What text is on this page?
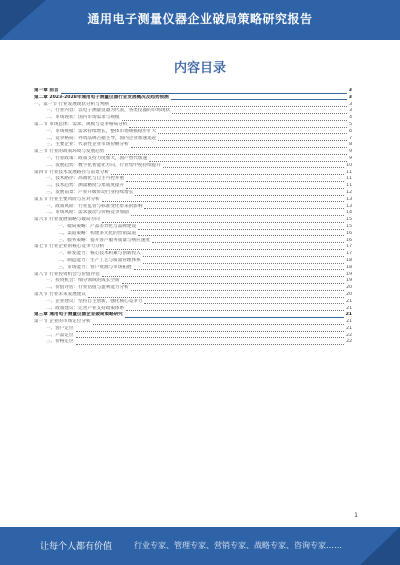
通用电子测量仪器企业破局策略研究报告
内容目录
第一章 前言	3
第二章 2023-2028年通用电子测量仪器行业发展概况及趋势预测	3
一、第一节 行业发展现状分析与判断	3
一、行业内容：以电子测量仪器为代表，各类仪器的市场现状	3
二、市场现状：国内市场需求与规模	4
第二节 市场总体：需求、规模与竞争格局分析	5
一、市场规模：需求持续增长，整体市场规模稳步扩大	6
二、竞争格局：外资品牌占据主导，国内企业加速追赶	7
三、主要企业：代表性企业市场份额分析	8
第三节 行业的政策环境与发展趋势	9
一、行业政策：政策支持力度加大，国产替代加速	9
二、发展趋势：数字化智能化方向，行业集中度持续提升	10
第四节 行业技术发展路径与前景分析	11
一、技术路径：高端化与自主可控并重	11
二、技术趋势：测量精度与集成度提升	11
三、发展前景：产业升级带动行业持续增长	12
第五节 行业主要风险与应对分析	13
一、政策风险：行业监管与标准变化带来的影响	13
二、市场风险：需求波动与价格竞争加剧	14
第六节 行业发展策略与破局方向	15
一、破局策略：产品差异化与品牌建设	15
二、渠道策略：构建多元化的营销渠道	16
三、服务策略：提升客户服务质量与响应速度	16
第七节 行业企业的核心竞争力分析	17
一、研发能力：核心技术积累与创新投入	17
二、制造能力：生产工艺与质量管理体系	18
三、市场能力：客户资源与市场拓展	18
第八节 行业投资机会与价值评估	19
一、投资机会：细分领域的成长空间	19
二、价值评估：行业估值与盈利能力分析	20
第九节 行业未来发展建议	20
一、企业建议：坚持自主创新，强化核心竞争力	21
二、政策建议：完善产业支持政策体系	21
第三章 通用电子测量仪器企业破局策略研究	21
第一节 企业的市场定位分析	21
一、客户定位	21
二、产品定位	22
三、价格定位	22
1
让每个人都有价值	行业专家、管理专家、营销专家、战略专家、咨询专家……
